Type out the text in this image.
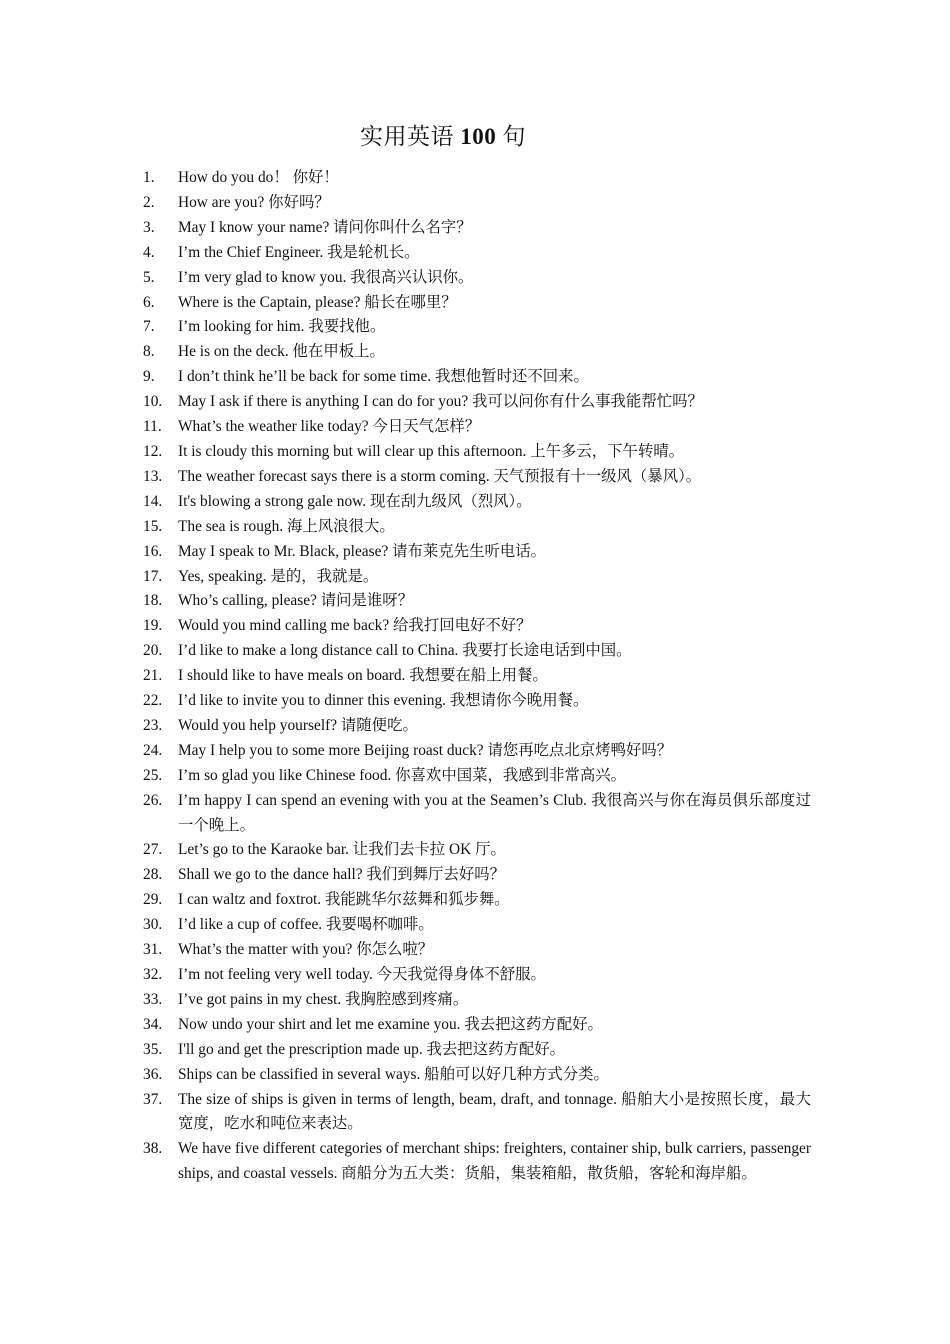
实用英语 100 句
1.	How do you do！ 你好！
2.	How are you? 你好吗？
3.	May I know your name? 请问你叫什么名字？
4.	I’m the Chief Engineer. 我是轮机长。
5.	I’m very glad to know you. 我很高兴认识你。
6.	Where is the Captain, please? 船长在哪里？
7.	I’m looking for him. 我要找他。
8.	He is on the deck. 他在甲板上。
9.	I don’t think he’ll be back for some time. 我想他暂时还不回来。
10.	May I ask if there is anything I can do for you? 我可以问你有什么事我能帮忙吗？
11.	What’s the weather like today? 今日天气怎样？
12.	It is cloudy this morning but will clear up this afternoon. 上午多云，下午转晴。
13.	The weather forecast says there is a storm coming. 天气预报有十一级风（暴风）。
14.	It's blowing a strong gale now. 现在刮九级风（烈风）。
15.	The sea is rough. 海上风浪很大。
16.	May I speak to Mr. Black, please? 请布莱克先生听电话。
17.	Yes, speaking. 是的，我就是。
18.	Who’s calling, please? 请问是谁呀？
19.	Would you mind calling me back? 给我打回电好不好？
20.	I’d like to make a long distance call to China. 我要打长途电话到中国。
21.	I should like to have meals on board. 我想要在船上用餐。
22.	I’d like to invite you to dinner this evening. 我想请你今晚用餐。
23.	Would you help yourself? 请随便吃。
24.	May I help you to some more Beijing roast duck? 请您再吃点北京烤鸭好吗？
25.	I’m so glad you like Chinese food. 你喜欢中国菜，我感到非常高兴。
26.	I’m happy I can spend an evening with you at the Seamen’s Club. 我很高兴与你在海员俱乐部度过一个晚上。
27.	Let’s go to the Karaoke bar. 让我们去卡拉 OK 厅。
28.	Shall we go to the dance hall? 我们到舞厅去好吗？
29.	I can waltz and foxtrot. 我能跳华尔兹舞和狐步舞。
30.	I’d like a cup of coffee. 我要喝杯咖啡。
31.	What’s the matter with you? 你怎么啦？
32.	I’m not feeling very well today. 今天我觉得身体不舒服。
33.	I’ve got pains in my chest. 我胸腔感到疼痛。
34.	Now undo your shirt and let me examine you. 我去把这药方配好。
35.	I'll go and get the prescription made up. 我去把这药方配好。
36.	Ships can be classified in several ways. 船舶可以好几种方式分类。
37.	The size of ships is given in terms of length, beam, draft, and tonnage. 船舶大小是按照长度，最大宽度，吃水和吨位来表达。
38.	We have five different categories of merchant ships: freighters, container ship, bulk carriers, passenger ships, and coastal vessels. 商船分为五大类：货船，集装箱船，散货船，客轮和海岸船。
